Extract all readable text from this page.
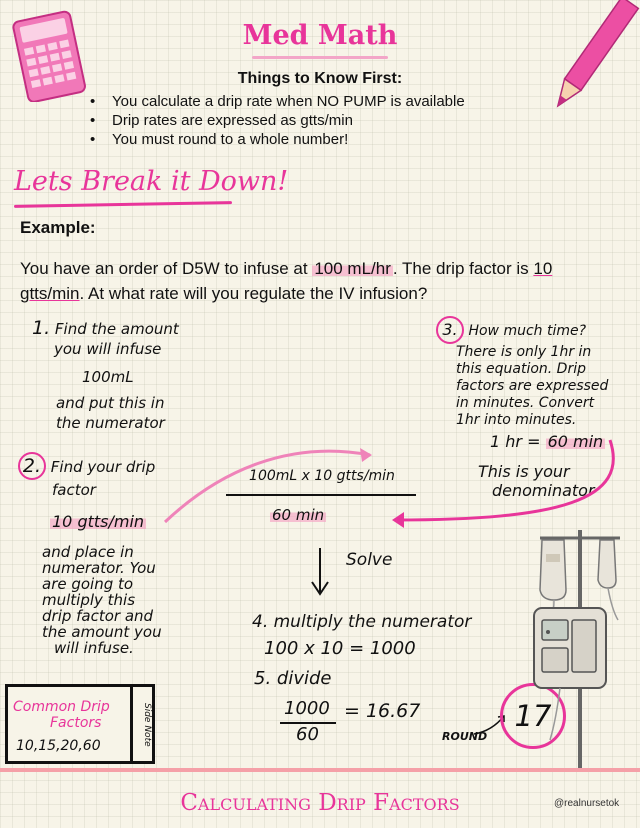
Med Math
Things to Know First:
• You calculate a drip rate when NO PUMP is available
• Drip rates are expressed as gtts/min
• You must round to a whole number!
Lets Break it Down!
Example:
You have an order of D5W to infuse at 100 mL/hr . The drip factor is 10 gtts/min. At what rate will you regulate the IV infusion?
1. Find the amount
you will infuse
100mL
and put this in
the numerator
2. Find your drip
factor
10 gtts/min
and place in
numerator. You
are going to
multiply this
drip factor and
the amount you
will infuse.
3. How much time?
There is only 1hr in
this equation. Drip
factors are expressed
in minutes. Convert
1hr into minutes.
1 hr = 60 min
This is your
denominator
100mL x 10 gtts/min
60 min
Solve
4. multiply the numerator
100 x 10 = 1000
5. divide
1000
60
= 16.67
ROUND
17
Common Drip
Factors
10,15,20,60	Side Note
Calculating Drip Factors	@realnursetok
